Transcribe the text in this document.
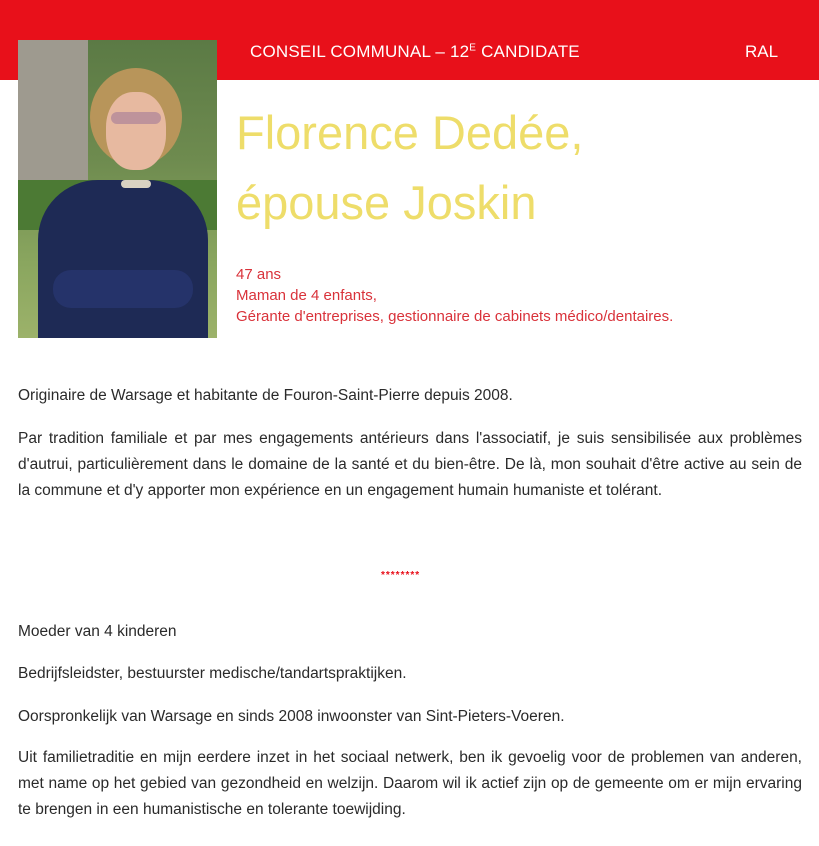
CONSEIL COMMUNAL – $12^E$ CANDIDATE	RAL
Florence Dedée,
épouse Joskin
47 ans
Maman de 4 enfants,
Gérante d'entreprises, gestionnaire de cabinets médico/dentaires.

Originaire de Warsage et habitante de Fouron-Saint-Pierre depuis 2008.

Par tradition familiale et par mes engagements antérieurs dans l'associatif, je suis sensibilisée aux problèmes d'autrui, particulièrement dans le domaine de la santé et du bien-être. De là, mon souhait d'être active au sein de la commune et d'y apporter mon expérience en un engagement humain humaniste et tolérant.

********

Moeder van 4 kinderen

Bedrijfsleidster, bestuurster medische/tandartspraktijken.

Oorspronkelijk van Warsage en sinds 2008 inwoonster van Sint-Pieters-Voeren.

Uit familietraditie en mijn eerdere inzet in het sociaal netwerk, ben ik gevoelig voor de problemen van anderen, met name op het gebied van gezondheid en welzijn. Daarom wil ik actief zijn op de gemeente om er mijn ervaring te brengen in een humanistische en tolerante toewijding.
